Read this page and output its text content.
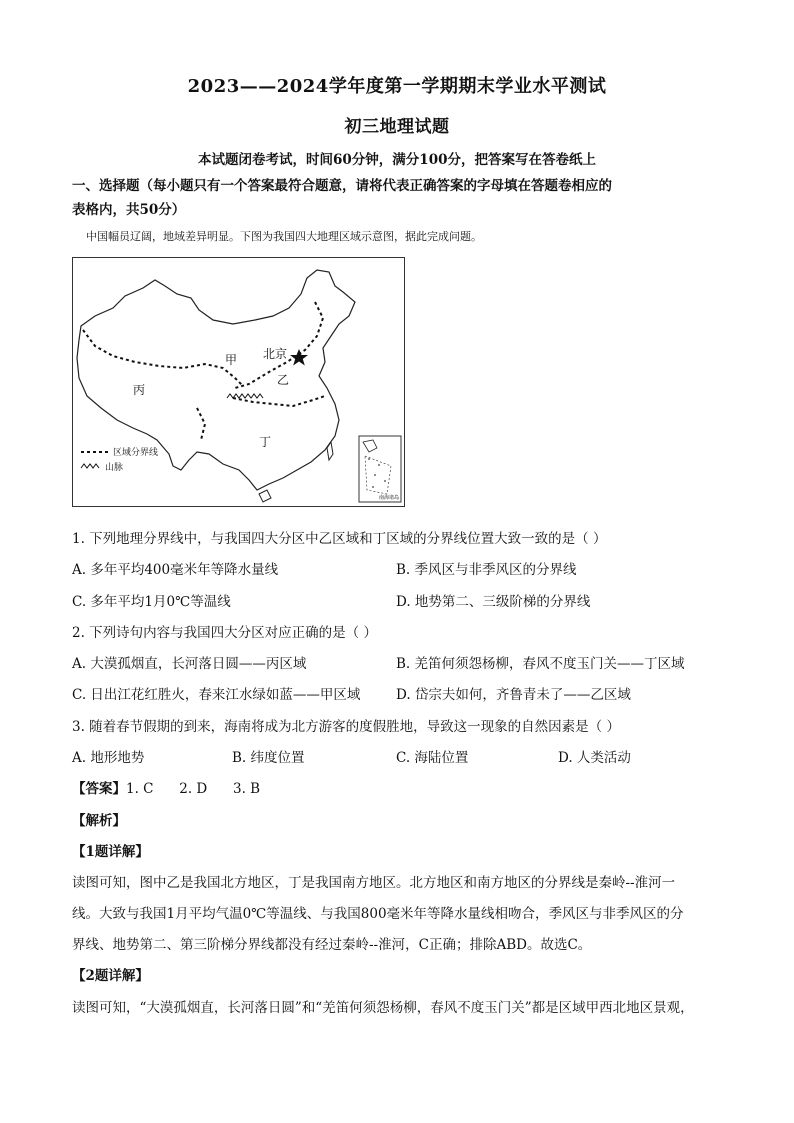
2023——2024学年度第一学期期末学业水平测试
初三地理试题
本试题闭卷考试，时间60分钟，满分100分，把答案写在答卷纸上
一、选择题（每小题只有一个答案最符合题意，请将代表正确答案的字母填在答题卷相应的
表格内，共50分）
中国幅员辽阔，地域差异明显。下图为我国四大地理区域示意图，据此完成问题。
北京
甲
乙
丙
丁
区域分界线
山脉
南海诸岛
1. 下列地理分界线中，与我国四大分区中乙区域和丁区域的分界线位置大致一致的是（ ）
A. 多年平均400毫米年等降水量线	B. 季风区与非季风区的分界线
C. 多年平均1月0℃等温线	D. 地势第二、三级阶梯的分界线
2. 下列诗句内容与我国四大分区对应正确的是（ ）
A. 大漠孤烟直，长河落日圆——丙区域	B. 羌笛何须怨杨柳，春风不度玉门关——丁区域
C. 日出江花红胜火，春来江水绿如蓝——甲区域	D. 岱宗夫如何，齐鲁青未了——乙区域
3. 随着春节假期的到来，海南将成为北方游客的度假胜地，导致这一现象的自然因素是（ ）
A. 地形地势	B. 纬度位置	C. 海陆位置	D. 人类活动
【答案】1. C      2. D      3. B
【解析】
【1题详解】
读图可知，图中乙是我国北方地区，丁是我国南方地区。北方地区和南方地区的分界线是秦岭--淮河一
线。大致与我国1月平均气温0℃等温线、与我国800毫米年等降水量线相吻合，季风区与非季风区的分
界线、地势第二、第三阶梯分界线都没有经过秦岭--淮河，C正确；排除ABD。故选C。
【2题详解】
读图可知，“大漠孤烟直，长河落日圆”和“羌笛何须怨杨柳，春风不度玉门关”都是区域甲西北地区景观，
